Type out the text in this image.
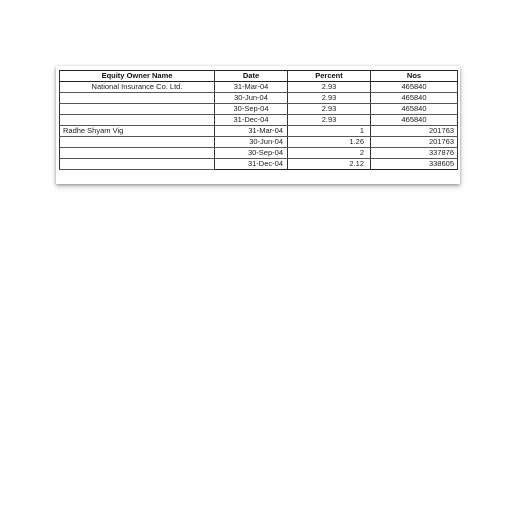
Equity Owner Name	Date	Percent	Nos
National Insurance Co. Ltd.	31-Mar-04	2.93	465840
	30-Jun-04	2.93	465840
	30-Sep-04	2.93	465840
	31-Dec-04	2.93	465840
Radhe Shyam Vig	31-Mar-04	1	201763
	30-Jun-04	1.26	201763
	30-Sep-04	2	337876
	31-Dec-04	2.12	338605
